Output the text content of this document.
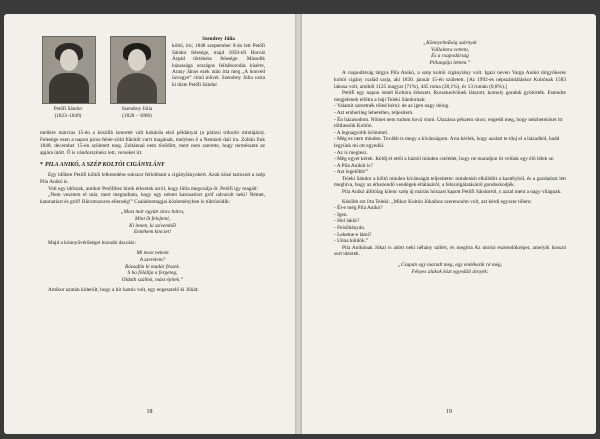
Petőfi Sándor
(1823–1849)
Szendrey Júlia
(1828 – 1868)
Szendrey Júlia

költő, író; 1848 szeptember 8-án lett Petőfi Sándor felesége, majd 1850-től Horvát Árpád történész felesége. Második házassága országos felháborodás kísérte, Arany János ezek után írta meg „A honvéd özvegye” című művét. Szendrey Júlia varta ki tűzte Petőfi Sándor

mellére március 15-én a kósólib ismertté vált kokárda első példányát (a párizsi trikolór mintájára). Felesége ezen a napon piros-fehér-zöld fűkötőt varrt magának, melyben ő a Nemzeti dali ira. Zoltán fiuk 1848. december 15-én született meg. Zoltánnal nem törődött, mert nem szerette, hogy természete az apjára ütött. Ő is vándorszínész lett, verseket írt.

* PILA ANIKÓ, A SZÉP KOLTÓI CIGÁNYLÁNY

Egy időben Petőfi költői lelkesedése sokszor fellobbant a cigánylányokért. Azok közé tartozott a szép Pila Anikó is.

Volt egy időszak, amikor Petőfihez hírek érkeztek arról, hogy Júlia megcsalja őt. Petőfi így reagált:

„Nem vesztem el már, mert megtudtam, hogy egy német katonatiszt gróf udvarolt neki! Német, katonatiszt és gróf! Háromszoros ellenség!” Családomtagjai közleményben is tükrözódik:

„Most már együtt sincs hátra,
Mint őt felejteni,
Ki innen, ki szívemből
Emlékem kincset!

Majd a könnyűvérűséget hozudó dacolás:

Mi most nekem
A szerelem?
Rózsafán ki madár fészek.
S ha fölállja a fergeteg,
Oldath szállok, mást épitek.”

Amikor azután kiderült, hogy a hír hamis volt, egy engesztelő ki Júliát:

18
„Könnyelműség szárnyát
Vállaimra vettem,
És a csapodárság
Pillangója lettem.”

A csapodárság tárgya Pila Anikó, a szép koltói cigánylány volt. Igazi neven Varga Anikó tőrgyökeres koltói cigány család sarja, aki 1830. január 15-én született. [Az 1992-es népszámláláskor Koltónak 1583 lakosa volt, amiből 1125 magyar (71%), 445 roma (28,1%), és 13 román (0,8%).]

Petőfi egy napon ismét Koltóra érkezett. Rosszkedvűnek látszott, komoly gondok gyötörték. Estendre megjelenek ellőtta a báji Teleki Sándornak:

- Valamit szeretnék tőled kérni: de az igen nagy dolog.
- Azt emberileg lehetetlen, teljesítem.
- Én házasodom. Nőmet nem tudom hová vinni. Utazásra pénzem sincs; engedd meg, hogy mézheteinket itt tölthessük Koltón.
- A legnagyobb örömmel.
- Még ez nem minden. Tovább is megy a kívánságom. Arra kérlek, hogy azalatt te tűnj el a házadból, hadd legyünk mi ott egyedül.
- Az is meglesz.
- Még egyet kérek. Kéldj el ettől a háztól minden cselédet, hogy ne maradjon itt velünk egy élő lélek se.
- A Pila Anikót is?
- Azt legelőbb!”

Teleki Sándor a költő minden kívánságát teljesítette: mindenkit elküldött a kastélyból, és a gazdatiszt lett meghíva, hogy az érkezendő vendégek ellátásáról, a felszolgálatásáról gondoskodjék.

Pila Anikó állítólag kilenc szép új máriás húszast kapott Petőfi Sándortól, s azzal ment a nagy világnak.

Később ezt írta Teleki: „Mikor Koltón Jókaihoz szerencsém volt, azt kérdi egyszer tőlem:

- Él-e még Pila Anikó?
- Igen.
- Hol lakik?
- Felsőbányán.
- Lehetne-e látni?
- Uúna küldök.”

Pila Anikónak Jókai is adott neki néhány tallért, és megírta Az utolsó esztendőkrépet, amelyik hosszú sort idéztek.

„Csupán egy maradt meg, egy emlékezik rá még,
Fényes alakok közt egyedüli árnyék:
19
